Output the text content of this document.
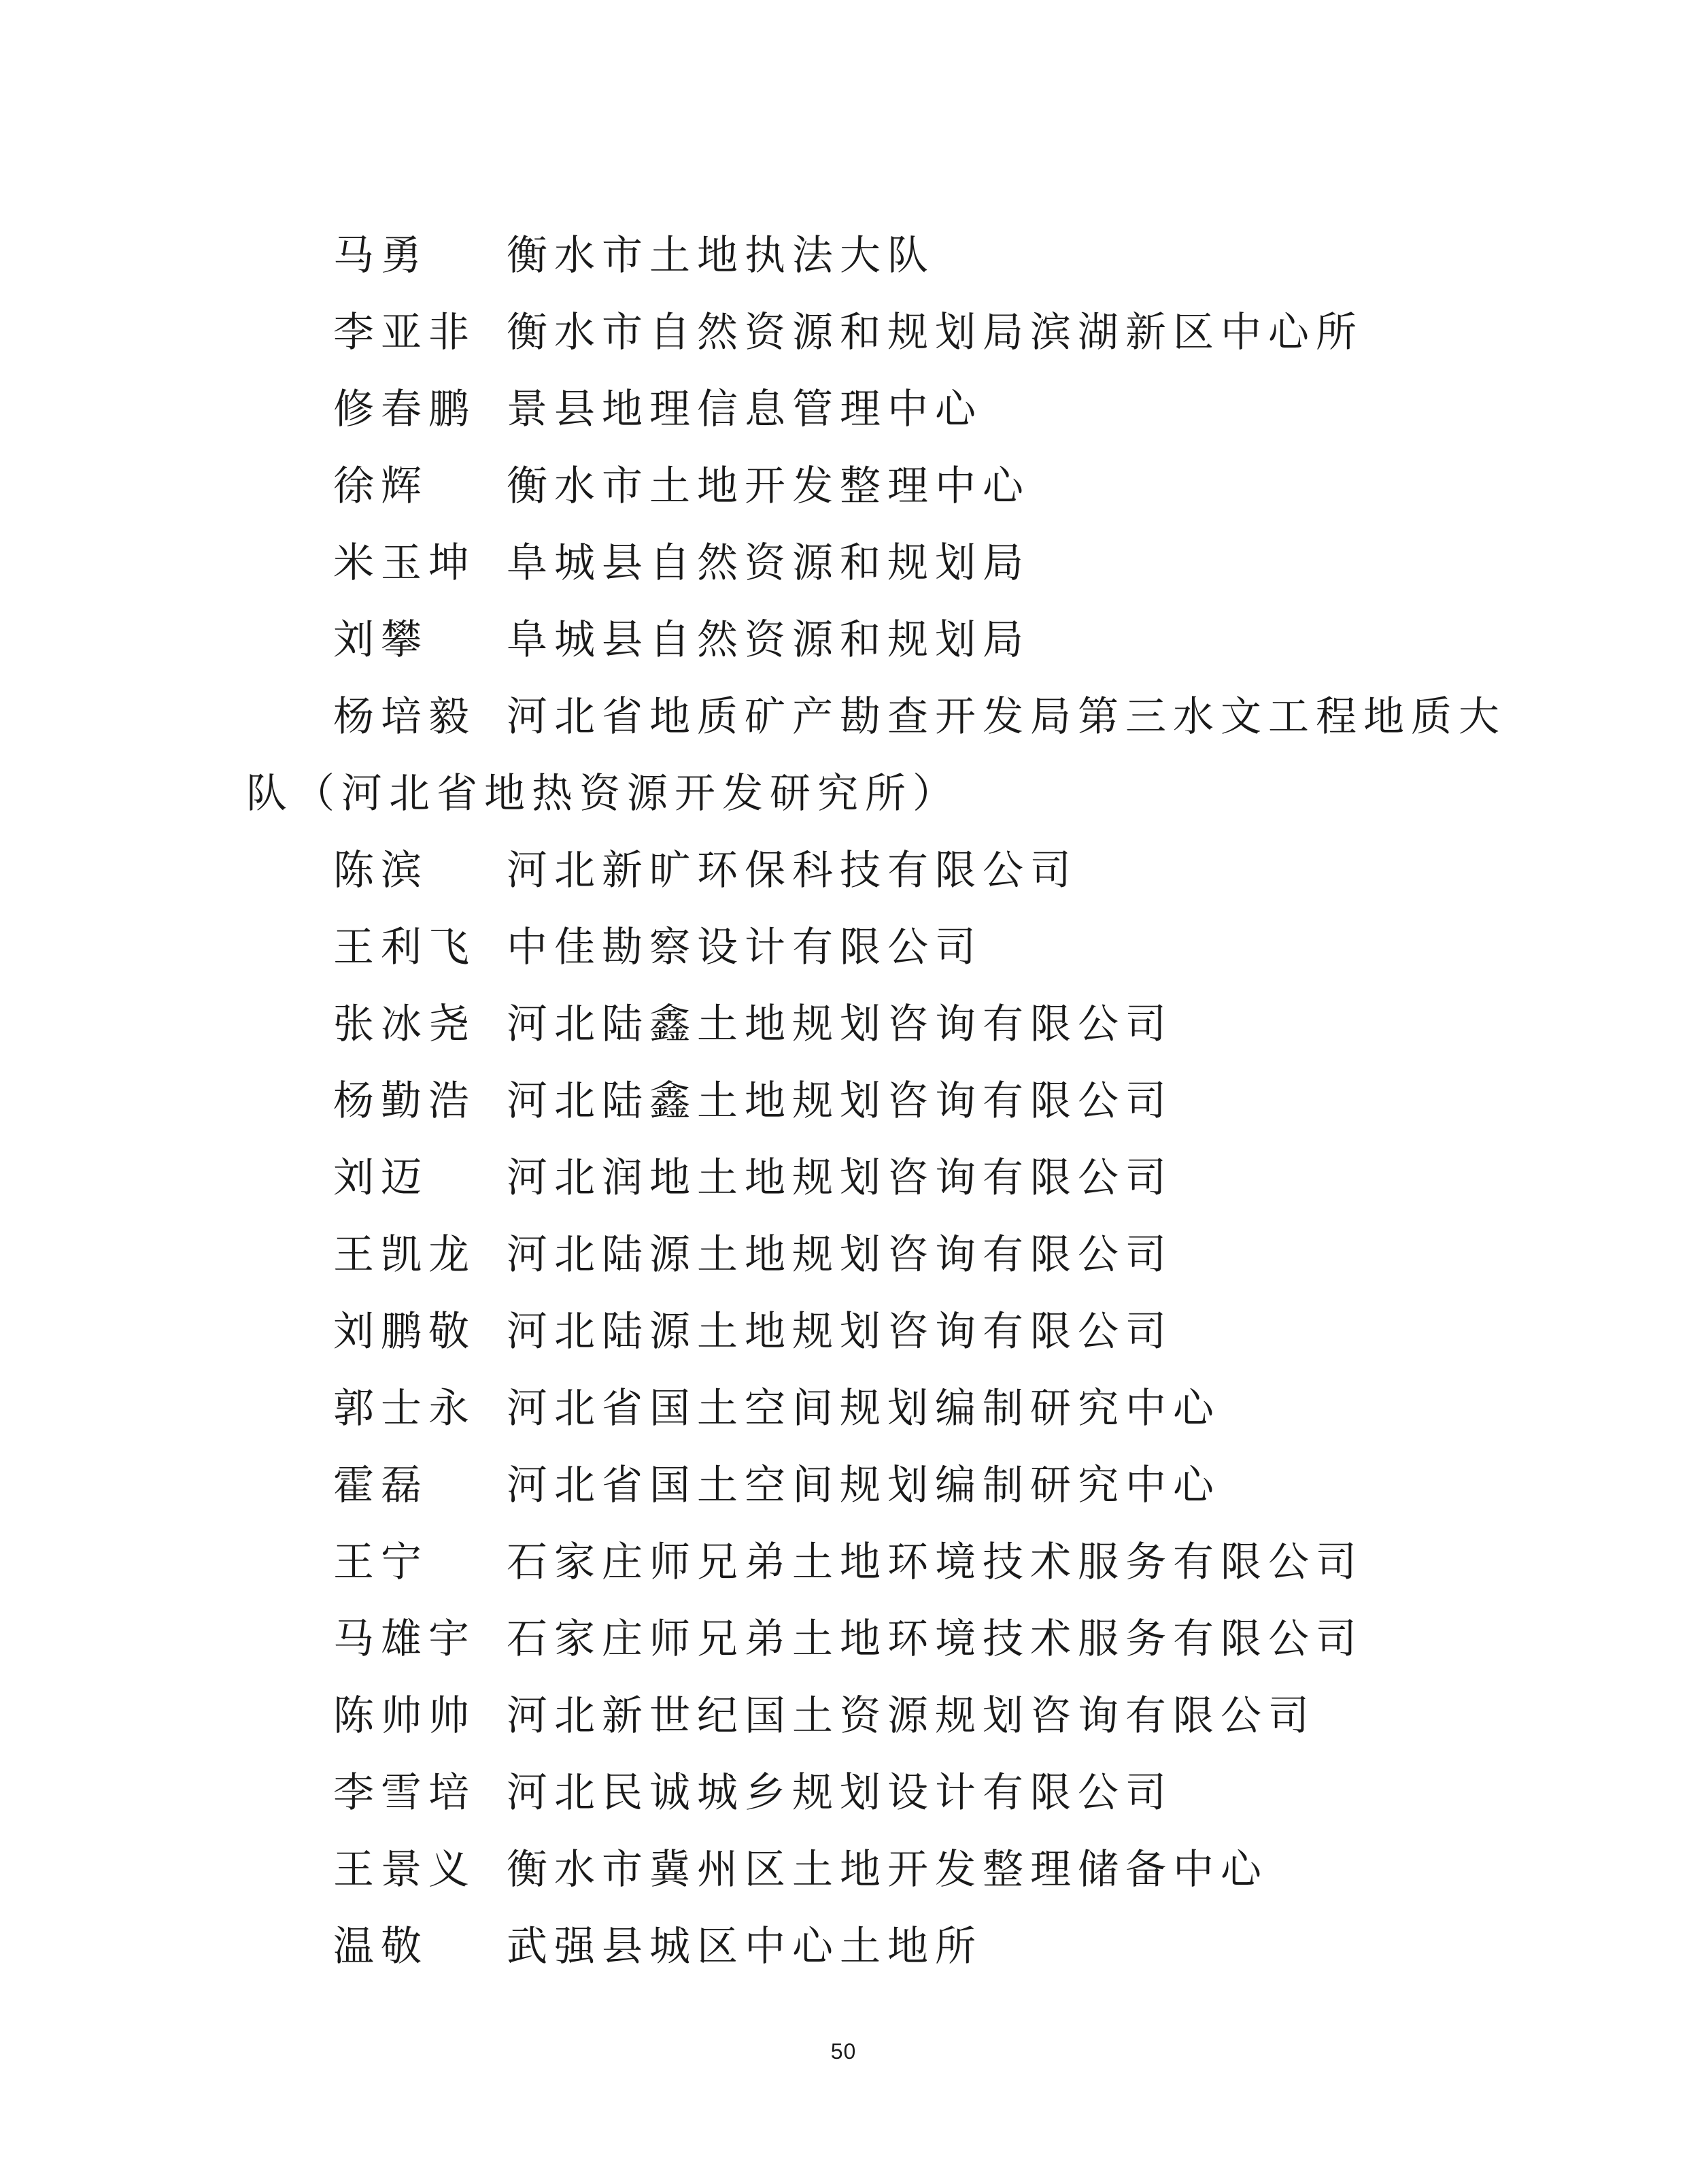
马勇 衡水市土地执法大队
李亚非 衡水市自然资源和规划局滨湖新区中心所
修春鹏 景县地理信息管理中心
徐辉 衡水市土地开发整理中心
米玉坤 阜城县自然资源和规划局
刘攀 阜城县自然资源和规划局
杨培毅 河北省地质矿产勘查开发局第三水文工程地质大
队（河北省地热资源开发研究所）
陈滨 河北新旷环保科技有限公司
王利飞 中佳勘察设计有限公司
张冰尧 河北陆鑫土地规划咨询有限公司
杨勤浩 河北陆鑫土地规划咨询有限公司
刘迈 河北润地土地规划咨询有限公司
王凯龙 河北陆源土地规划咨询有限公司
刘鹏敬 河北陆源土地规划咨询有限公司
郭士永 河北省国土空间规划编制研究中心
霍磊 河北省国土空间规划编制研究中心
王宁 石家庄师兄弟土地环境技术服务有限公司
马雄宇 石家庄师兄弟土地环境技术服务有限公司
陈帅帅 河北新世纪国土资源规划咨询有限公司
李雪培 河北民诚城乡规划设计有限公司
王景义 衡水市冀州区土地开发整理储备中心
温敬 武强县城区中心土地所
50
